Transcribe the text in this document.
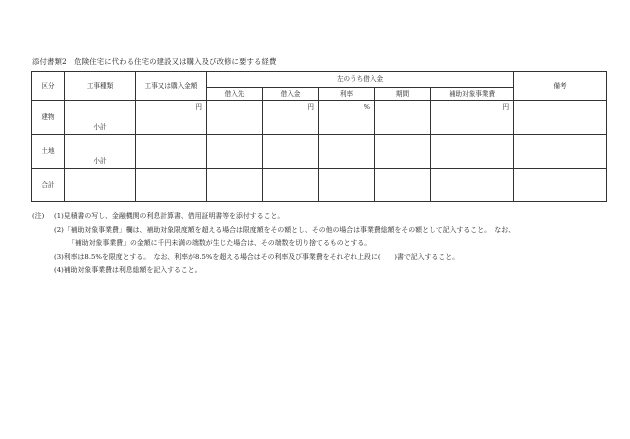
添付書類2　危険住宅に代わる住宅の建設又は購入及び改修に要する経費
区分	工事種類	工事又は購入金額	左のうち借入金					備考
			借入先	借入金	利率	期間	補助対象事業費	
建物	小計	円		円	%		円	
土地	小計							

合計								
(注) (1)見積書の写し、金融機関の利息計算書、借用証明書等を添付すること。
(2)「補助対象事業費」欄は、補助対象限度額を超える場合は限度額をその額とし、その他の場合は事業費総額をその額として記入すること。　なお、
「補助対象事業費」の金額に千円未満の端数が生じた場合は、その端数を切り捨てるものとする。
(3)利率は8.5%を限度とする。　なお、利率が8.5%を超える場合はその利率及び事業費をそれぞれ上段に(　　)書で記入すること。
(4)補助対象事業費は利息総額を記入すること。
